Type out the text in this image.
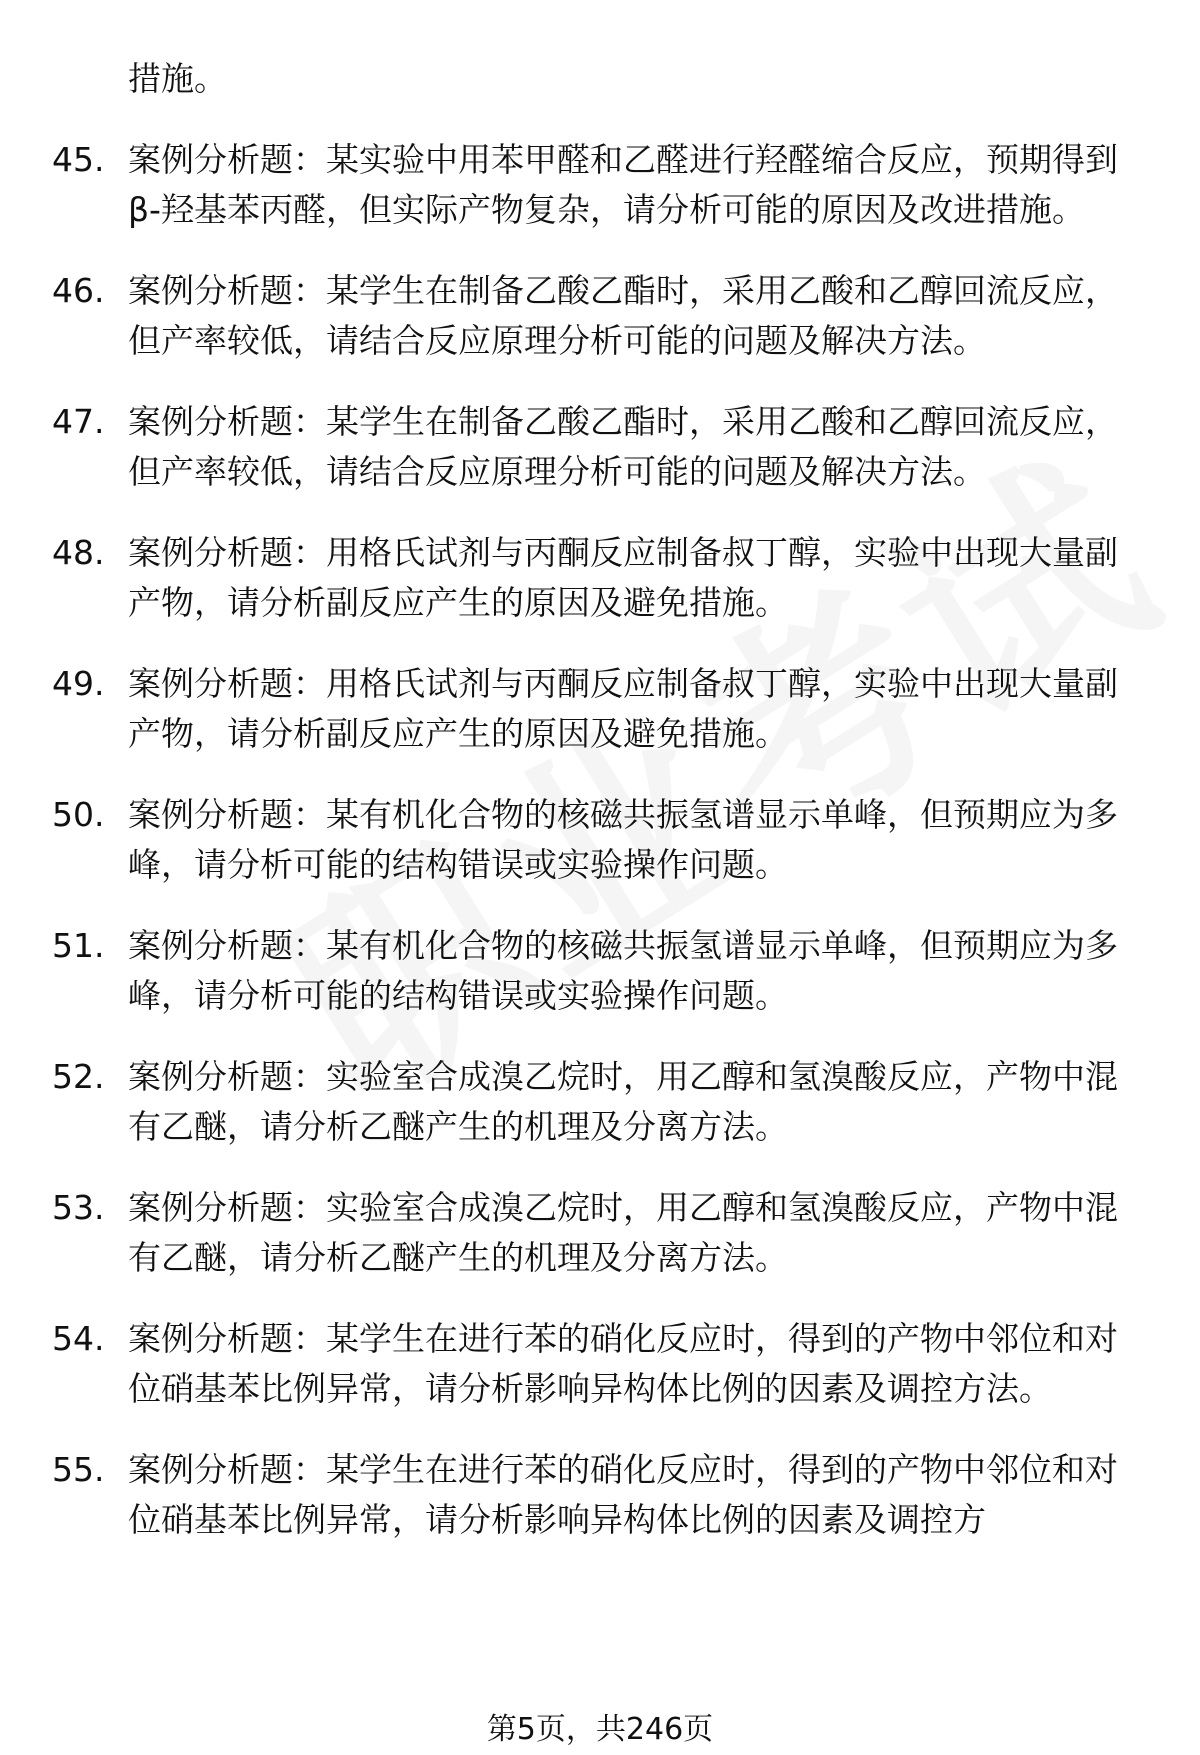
措施。
45. 案例分析题：某实验中用苯甲醛和乙醛进行羟醛缩合反应，预期得到β-羟基苯丙醛，但实际产物复杂，请分析可能的原因及改进措施。
46. 案例分析题：某学生在制备乙酸乙酯时，采用乙酸和乙醇回流反应，但产率较低，请结合反应原理分析可能的问题及解决方法。
47. 案例分析题：某学生在制备乙酸乙酯时，采用乙酸和乙醇回流反应，但产率较低，请结合反应原理分析可能的问题及解决方法。
48. 案例分析题：用格氏试剂与丙酮反应制备叔丁醇，实验中出现大量副产物，请分析副反应产生的原因及避免措施。
49. 案例分析题：用格氏试剂与丙酮反应制备叔丁醇，实验中出现大量副产物，请分析副反应产生的原因及避免措施。
50. 案例分析题：某有机化合物的核磁共振氢谱显示单峰，但预期应为多峰，请分析可能的结构错误或实验操作问题。
51. 案例分析题：某有机化合物的核磁共振氢谱显示单峰，但预期应为多峰，请分析可能的结构错误或实验操作问题。
52. 案例分析题：实验室合成溴乙烷时，用乙醇和氢溴酸反应，产物中混有乙醚，请分析乙醚产生的机理及分离方法。
53. 案例分析题：实验室合成溴乙烷时，用乙醇和氢溴酸反应，产物中混有乙醚，请分析乙醚产生的机理及分离方法。
54. 案例分析题：某学生在进行苯的硝化反应时，得到的产物中邻位和对位硝基苯比例异常，请分析影响异构体比例的因素及调控方法。
55. 案例分析题：某学生在进行苯的硝化反应时，得到的产物中邻位和对位硝基苯比例异常，请分析影响异构体比例的因素及调控方
第5页，共246页
